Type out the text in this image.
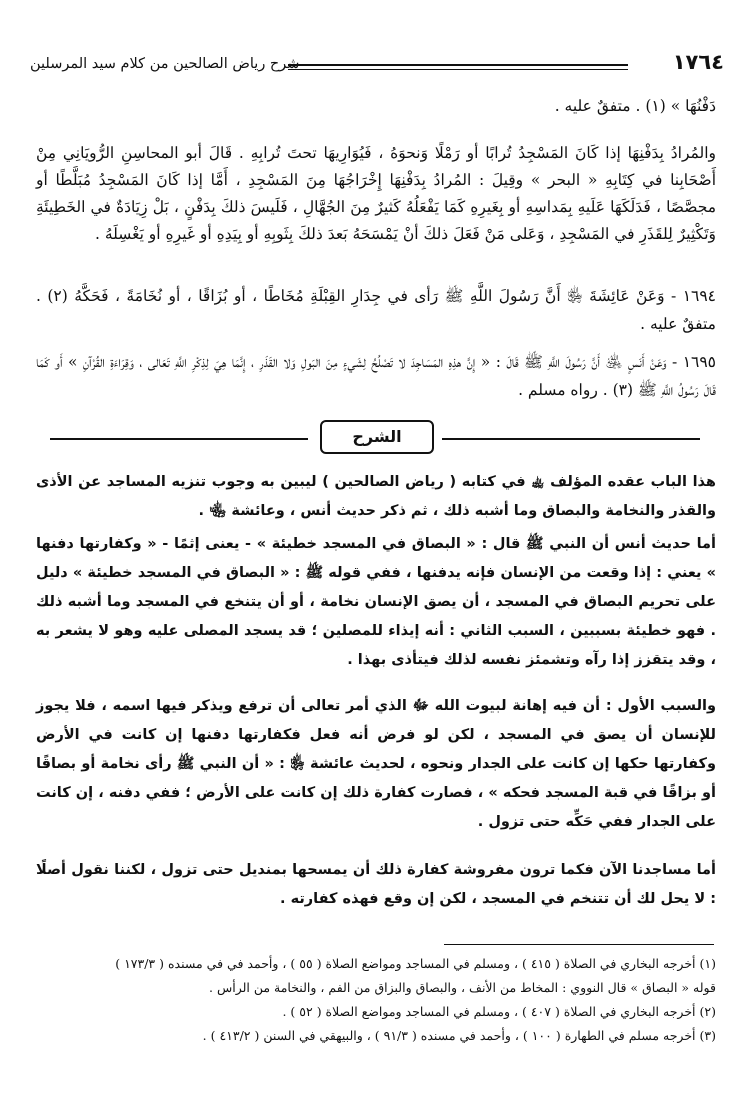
شرح رياض الصالحين من كلام سيد المرسلين	١٧٦٤
دَفْنُهَا » (١) . متفقٌ عليه .
والمُرادُ بِدَفْنِهَا إذا كَانَ المَسْجِدُ تُرابًا أو رَمْلًا وَنحوَهُ ، فَيُوَارِيهَا تحتَ تُرابِهِ . قَالَ أبو المحاسِنِ الرُّويَانِي مِنْ أَصْحَابِنا في كِتَابِهِ « البحر » وقِيلَ : المُرادُ بِدَفْنِهَا إِخْرَاجُهَا مِنَ المَسْجِدِ ، أَمَّا إذا كَانَ المَسْجِدُ مُبَلَّطًا أو مجصَّصًا ، فَدَلَكَهَا عَلَيهِ بِمَداسِهِ أو بِغَيرِهِ كَمَا يَفْعَلُهُ كَثيرٌ مِنَ الجُهَّالِ ، فَلَيسَ ذلكَ بِدَفْنٍ ، بَلْ زِيَادَةٌ في الخَطِيئَةِ وَتَكْثِيرٌ لِلقَذَرِ في المَسْجِدِ ، وَعَلى مَنْ فَعَلَ ذلكَ أنْ يَمْسَحَهُ بَعدَ ذلكَ بِثَوبِهِ أو بِيَدِهِ أو غَيرِهِ أو يَغْسِلَهُ .
١٦٩٤ - وَعَنْ عَائِشَةَ ﵂ أَنَّ رَسُولَ اللَّهِ ﷺ رَأى في جِدَارِ القِبْلَةِ مُخَاطًا ، أو بُزَاقًا ، أو نُخَامَةً ، فَحَكَّهُ (٢) . متفقٌ عليه .
١٦٩٥ - وَعَنْ أَنَسٍ ﵁ أَنَّ رَسُولَ اللَّهِ ﷺ قَالَ : « إِنَّ هذِهِ المَسَاجِدَ لا تَصْلُحُ لِشَيءٍ مِنَ البَولِ وَلا القَذَرِ ، إِنَّمَا هِيَ لِذِكْرِ اللَّهِ تَعَالى ، وَقِرَاءَةِ القُرْآنِ » أَو كَمَا قَالَ رَسُولُ اللَّهِ ﷺ (٣) . رواه مسلم .
الشرح
هذا الباب عقده المؤلف ﵀ في كتابه ( رياض الصالحين ) ليبين به وجوب تنزيه المساجد عن الأذى والقذر والنخامة والبصاق وما أشبه ذلك ، ثم ذكر حديث أنس ، وعائشة ﵄ .
أما حديث أنس أن النبي ﷺ قال : « البصاق في المسجد خطيئة » - يعنى إثمًا - « وكفارتها دفنها » يعني : إذا وقعت من الإنسان فإنه يدفنها ، ففي قوله ﷺ : « البصاق في المسجد خطيئة » دليل على تحريم البصاق في المسجد ، أن يصق الإنسان نخامة ، أو أن يتنخع في المسجد وما أشبه ذلك . فهو خطيئة بسببين ، السبب الثاني : أنه إيذاء للمصلين ؛ قد يسجد المصلى عليه وهو لا يشعر به ، وقد يتقزز إذا رآه وتشمئز نفسه لذلك فيتأذى بهذا .
والسبب الأول : أن فيه إهانة لبيوت الله ﷻ الذي أمر تعالى أن ترفع ويذكر فيها اسمه ، فلا يجوز للإنسان أن يصق في المسجد ، لكن لو فرض أنه فعل فكفارتها دفنها إن كانت في الأرض وكفارتها حكها إن كانت على الجدار ونحوه ، لحديث عائشة ﵂ : « أن النبي ﷺ رأى نخامة أو بصاقًا أو بزاقًا في قبة المسجد فحكه » ، فصارت كفارة ذلك إن كانت على الأرض ؛ ففي دفنه ، إن كانت على الجدار ففي حَكِّه حتى تزول .
أما مساجدنا الآن فكما ترون مفروشة كفارة ذلك أن يمسحها بمنديل حتى تزول ، لكننا نقول أصلًا : لا يحل لك أن تتنخم في المسجد ، لكن إن وقع فهذه كفارته .
(١) أخرجه البخاري في الصلاة ( ٤١٥ ) ، ومسلم في المساجد ومواضع الصلاة ( ٥٥ ) ، وأحمد في في مسنده ( ١٧٣/٣ )
قوله « البصاق » قال النووي : المخاط من الأنف ، والبصاق والبزاق من الفم ، والنخامة من الرأس .
(٢) أخرجه البخاري في الصلاة ( ٤٠٧ ) ، ومسلم في المساجد ومواضع الصلاة ( ٥٢ ) .
(٣) أخرجه مسلم في الطهارة ( ١٠٠ ) ، وأحمد في مسنده ( ٩١/٣ ) ، والبيهقي في السنن ( ٤١٣/٢ ) .
